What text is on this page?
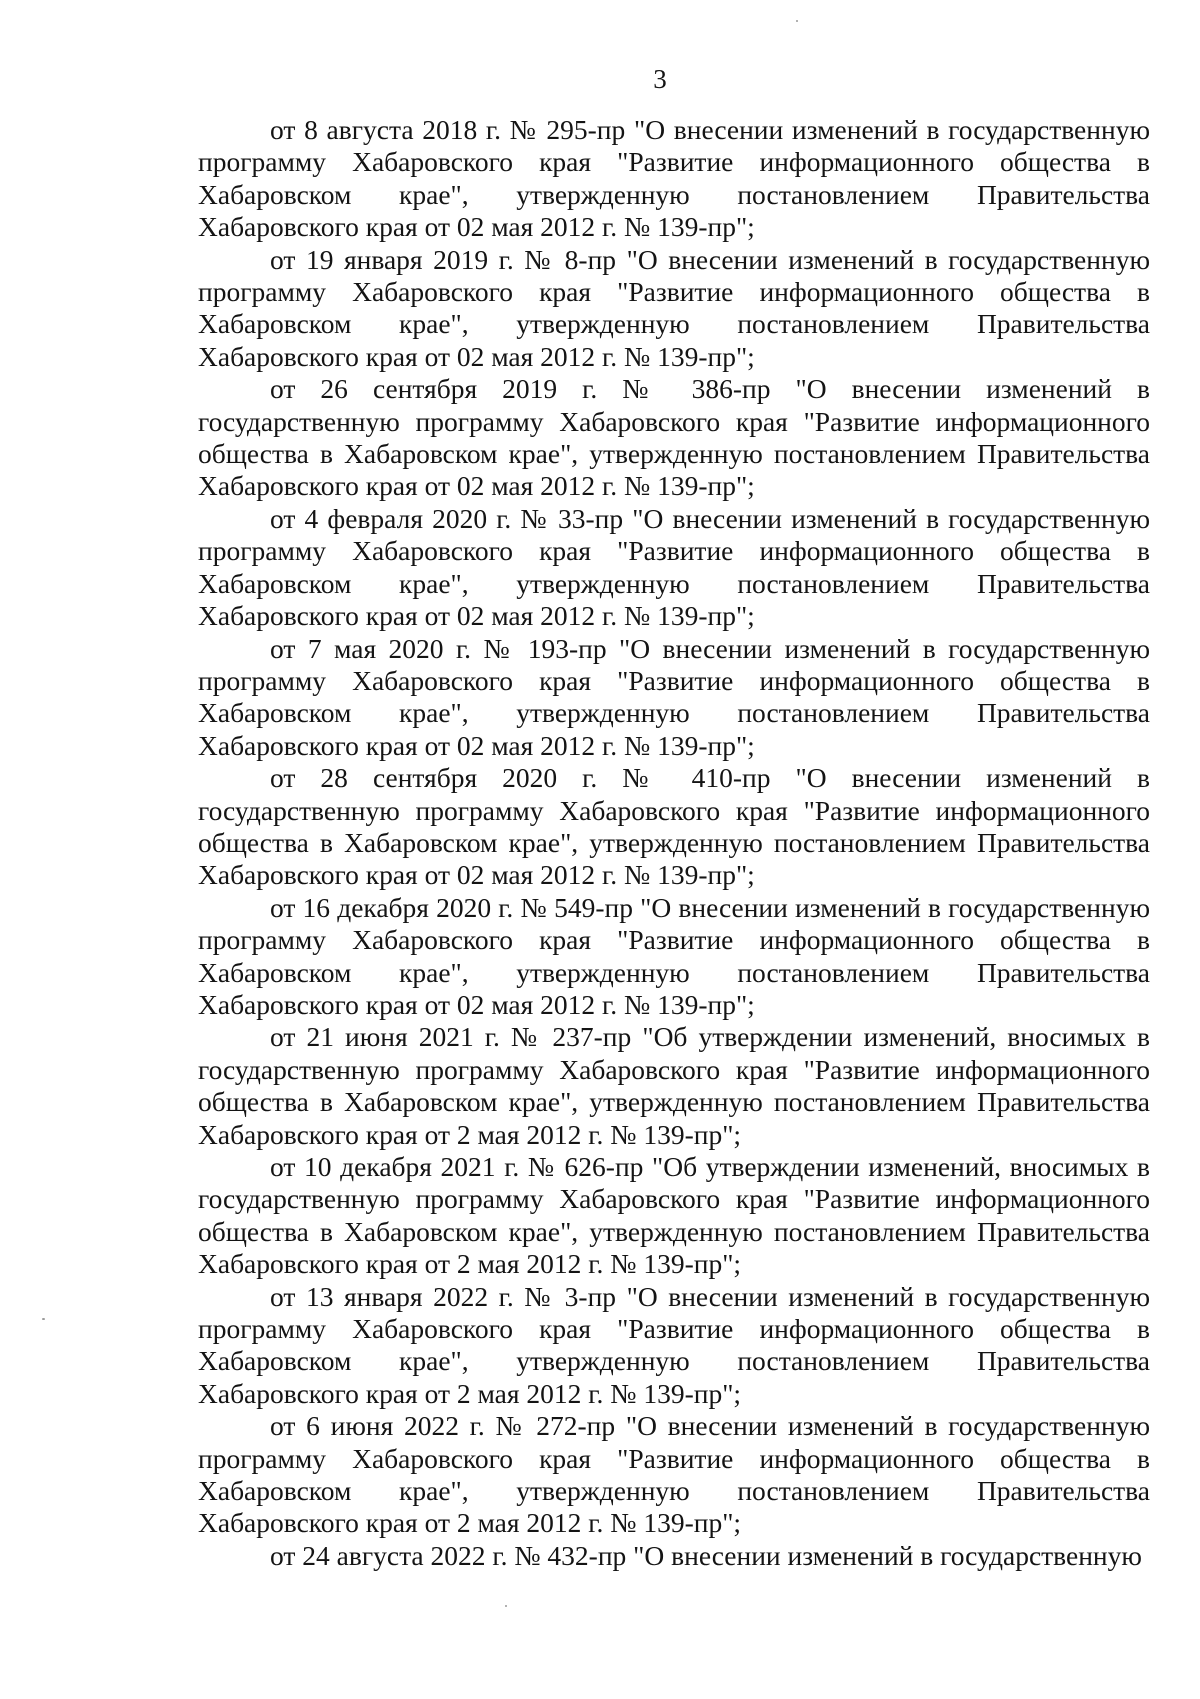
3

от 8 августа 2018 г. № 295-пр "О внесении изменений в государственную программу Хабаровского края "Развитие информационного общества в Хабаровском крае", утвержденную постановлением Правительства Хабаровского края от 02 мая 2012 г. № 139-пр";

от 19 января 2019 г. № 8-пр "О внесении изменений в государственную программу Хабаровского края "Развитие информационного общества в Хабаровском крае", утвержденную постановлением Правительства Хабаровского края от 02 мая 2012 г. № 139-пр";

от 26 сентября 2019 г. № 386-пр "О внесении изменений в государственную программу Хабаровского края "Развитие информационного общества в Хабаровском крае", утвержденную постановлением Правительства Хабаровского края от 02 мая 2012 г. № 139-пр";

от 4 февраля 2020 г. № 33-пр "О внесении изменений в государственную программу Хабаровского края "Развитие информационного общества в Хабаровском крае", утвержденную постановлением Правительства Хабаровского края от 02 мая 2012 г. № 139-пр";

от 7 мая 2020 г. № 193-пр "О внесении изменений в государственную программу Хабаровского края "Развитие информационного общества в Хабаровском крае", утвержденную постановлением Правительства Хабаровского края от 02 мая 2012 г. № 139-пр";

от 28 сентября 2020 г. № 410-пр "О внесении изменений в государственную программу Хабаровского края "Развитие информационного общества в Хабаровском крае", утвержденную постановлением Правительства Хабаровского края от 02 мая 2012 г. № 139-пр";

от 16 декабря 2020 г. № 549-пр "О внесении изменений в государственную программу Хабаровского края "Развитие информационного общества в Хабаровском крае", утвержденную постановлением Правительства Хабаровского края от 02 мая 2012 г. № 139-пр";

от 21 июня 2021 г. № 237-пр "Об утверждении изменений, вносимых в государственную программу Хабаровского края "Развитие информационного общества в Хабаровском крае", утвержденную постановлением Правительства Хабаровского края от 2 мая 2012 г. № 139-пр";

от 10 декабря 2021 г. № 626-пр "Об утверждении изменений, вносимых в государственную программу Хабаровского края "Развитие информационного общества в Хабаровском крае", утвержденную постановлением Правительства Хабаровского края от 2 мая 2012 г. № 139-пр";

от 13 января 2022 г. № 3-пр "О внесении изменений в государственную программу Хабаровского края "Развитие информационного общества в Хабаровском крае", утвержденную постановлением Правительства Хабаровского края от 2 мая 2012 г. № 139-пр";

от 6 июня 2022 г. № 272-пр "О внесении изменений в государственную программу Хабаровского края "Развитие информационного общества в Хабаровском крае", утвержденную постановлением Правительства Хабаровского края от 2 мая 2012 г. № 139-пр";

от 24 августа 2022 г. № 432-пр "О внесении изменений в государственную
